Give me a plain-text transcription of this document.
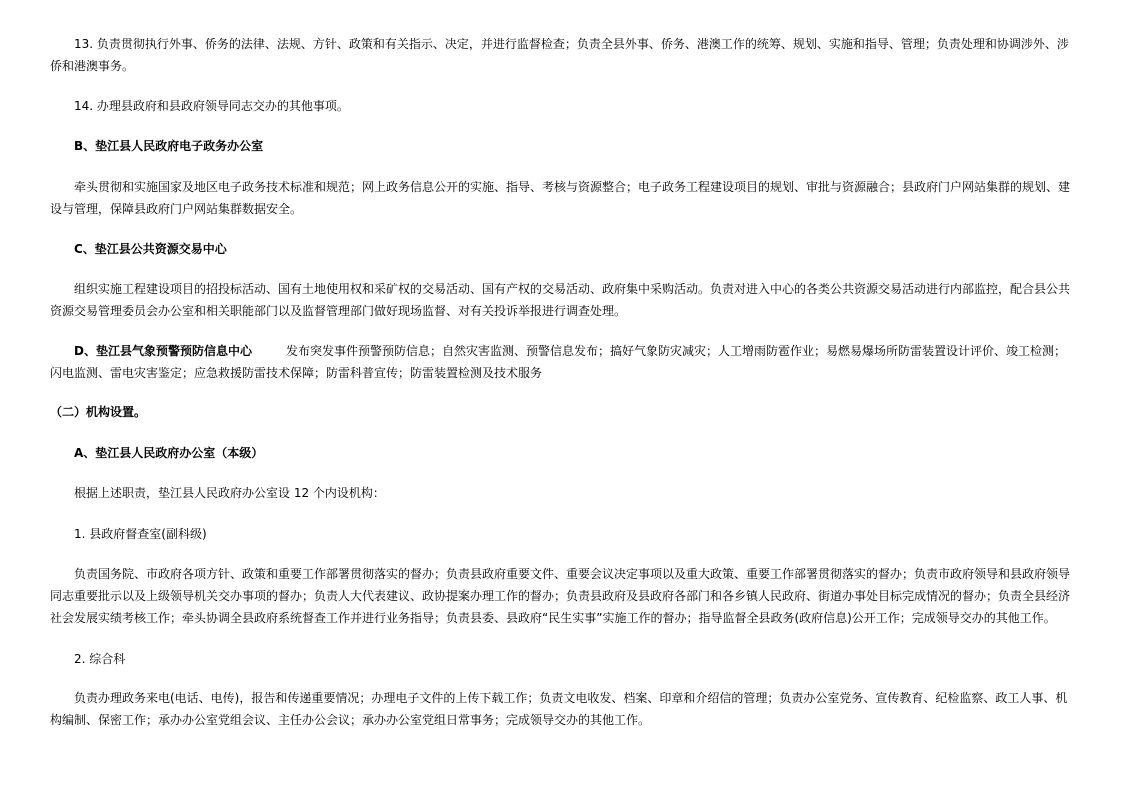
13. 负责贯彻执行外事、侨务的法律、法规、方针、政策和有关指示、决定，并进行监督检查；负责全县外事、侨务、港澳工作的统筹、规划、实施和指导、管理；负责处理和协调涉外、涉侨和港澳事务。

14. 办理县政府和县政府领导同志交办的其他事项。

B、垫江县人民政府电子政务办公室

牵头贯彻和实施国家及地区电子政务技术标准和规范；网上政务信息公开的实施、指导、考核与资源整合；电子政务工程建设项目的规划、审批与资源融合；县政府门户网站集群的规划、建设与管理，保障县政府门户网站集群数据安全。

C、垫江县公共资源交易中心

组织实施工程建设项目的招投标活动、国有土地使用权和采矿权的交易活动、国有产权的交易活动、政府集中采购活动。负责对进入中心的各类公共资源交易活动进行内部监控，配合县公共资源交易管理委员会办公室和相关职能部门以及监督管理部门做好现场监督、对有关投诉举报进行调查处理。

D、垫江县气象预警预防信息中心	发布突发事件预警预防信息；自然灾害监测、预警信息发布；搞好气象防灾减灾；人工增雨防雹作业；易燃易爆场所防雷装置设计评价、竣工检测；闪电监测、雷电灾害鉴定；应急救援防雷技术保障；防雷科普宣传；防雷装置检测及技术服务

（二）机构设置。

A、垫江县人民政府办公室（本级）

根据上述职责，垫江县人民政府办公室设 12 个内设机构：

1. 县政府督查室(副科级)

负责国务院、市政府各项方针、政策和重要工作部署贯彻落实的督办；负责县政府重要文件、重要会议决定事项以及重大政策、重要工作部署贯彻落实的督办；负责市政府领导和县政府领导同志重要批示以及上级领导机关交办事项的督办；负责人大代表建议、政协提案办理工作的督办；负责县政府及县政府各部门和各乡镇人民政府、街道办事处目标完成情况的督办；负责全县经济社会发展实绩考核工作；牵头协调全县政府系统督查工作并进行业务指导；负责县委、县政府“民生实事”实施工作的督办；指导监督全县政务(政府信息)公开工作；完成领导交办的其他工作。

2. 综合科

负责办理政务来电(电话、电传)，报告和传递重要情况；办理电子文件的上传下载工作；负责文电收发、档案、印章和介绍信的管理；负责办公室党务、宣传教育、纪检监察、政工人事、机构编制、保密工作；承办办公室党组会议、主任办公会议；承办办公室党组日常事务；完成领导交办的其他工作。
